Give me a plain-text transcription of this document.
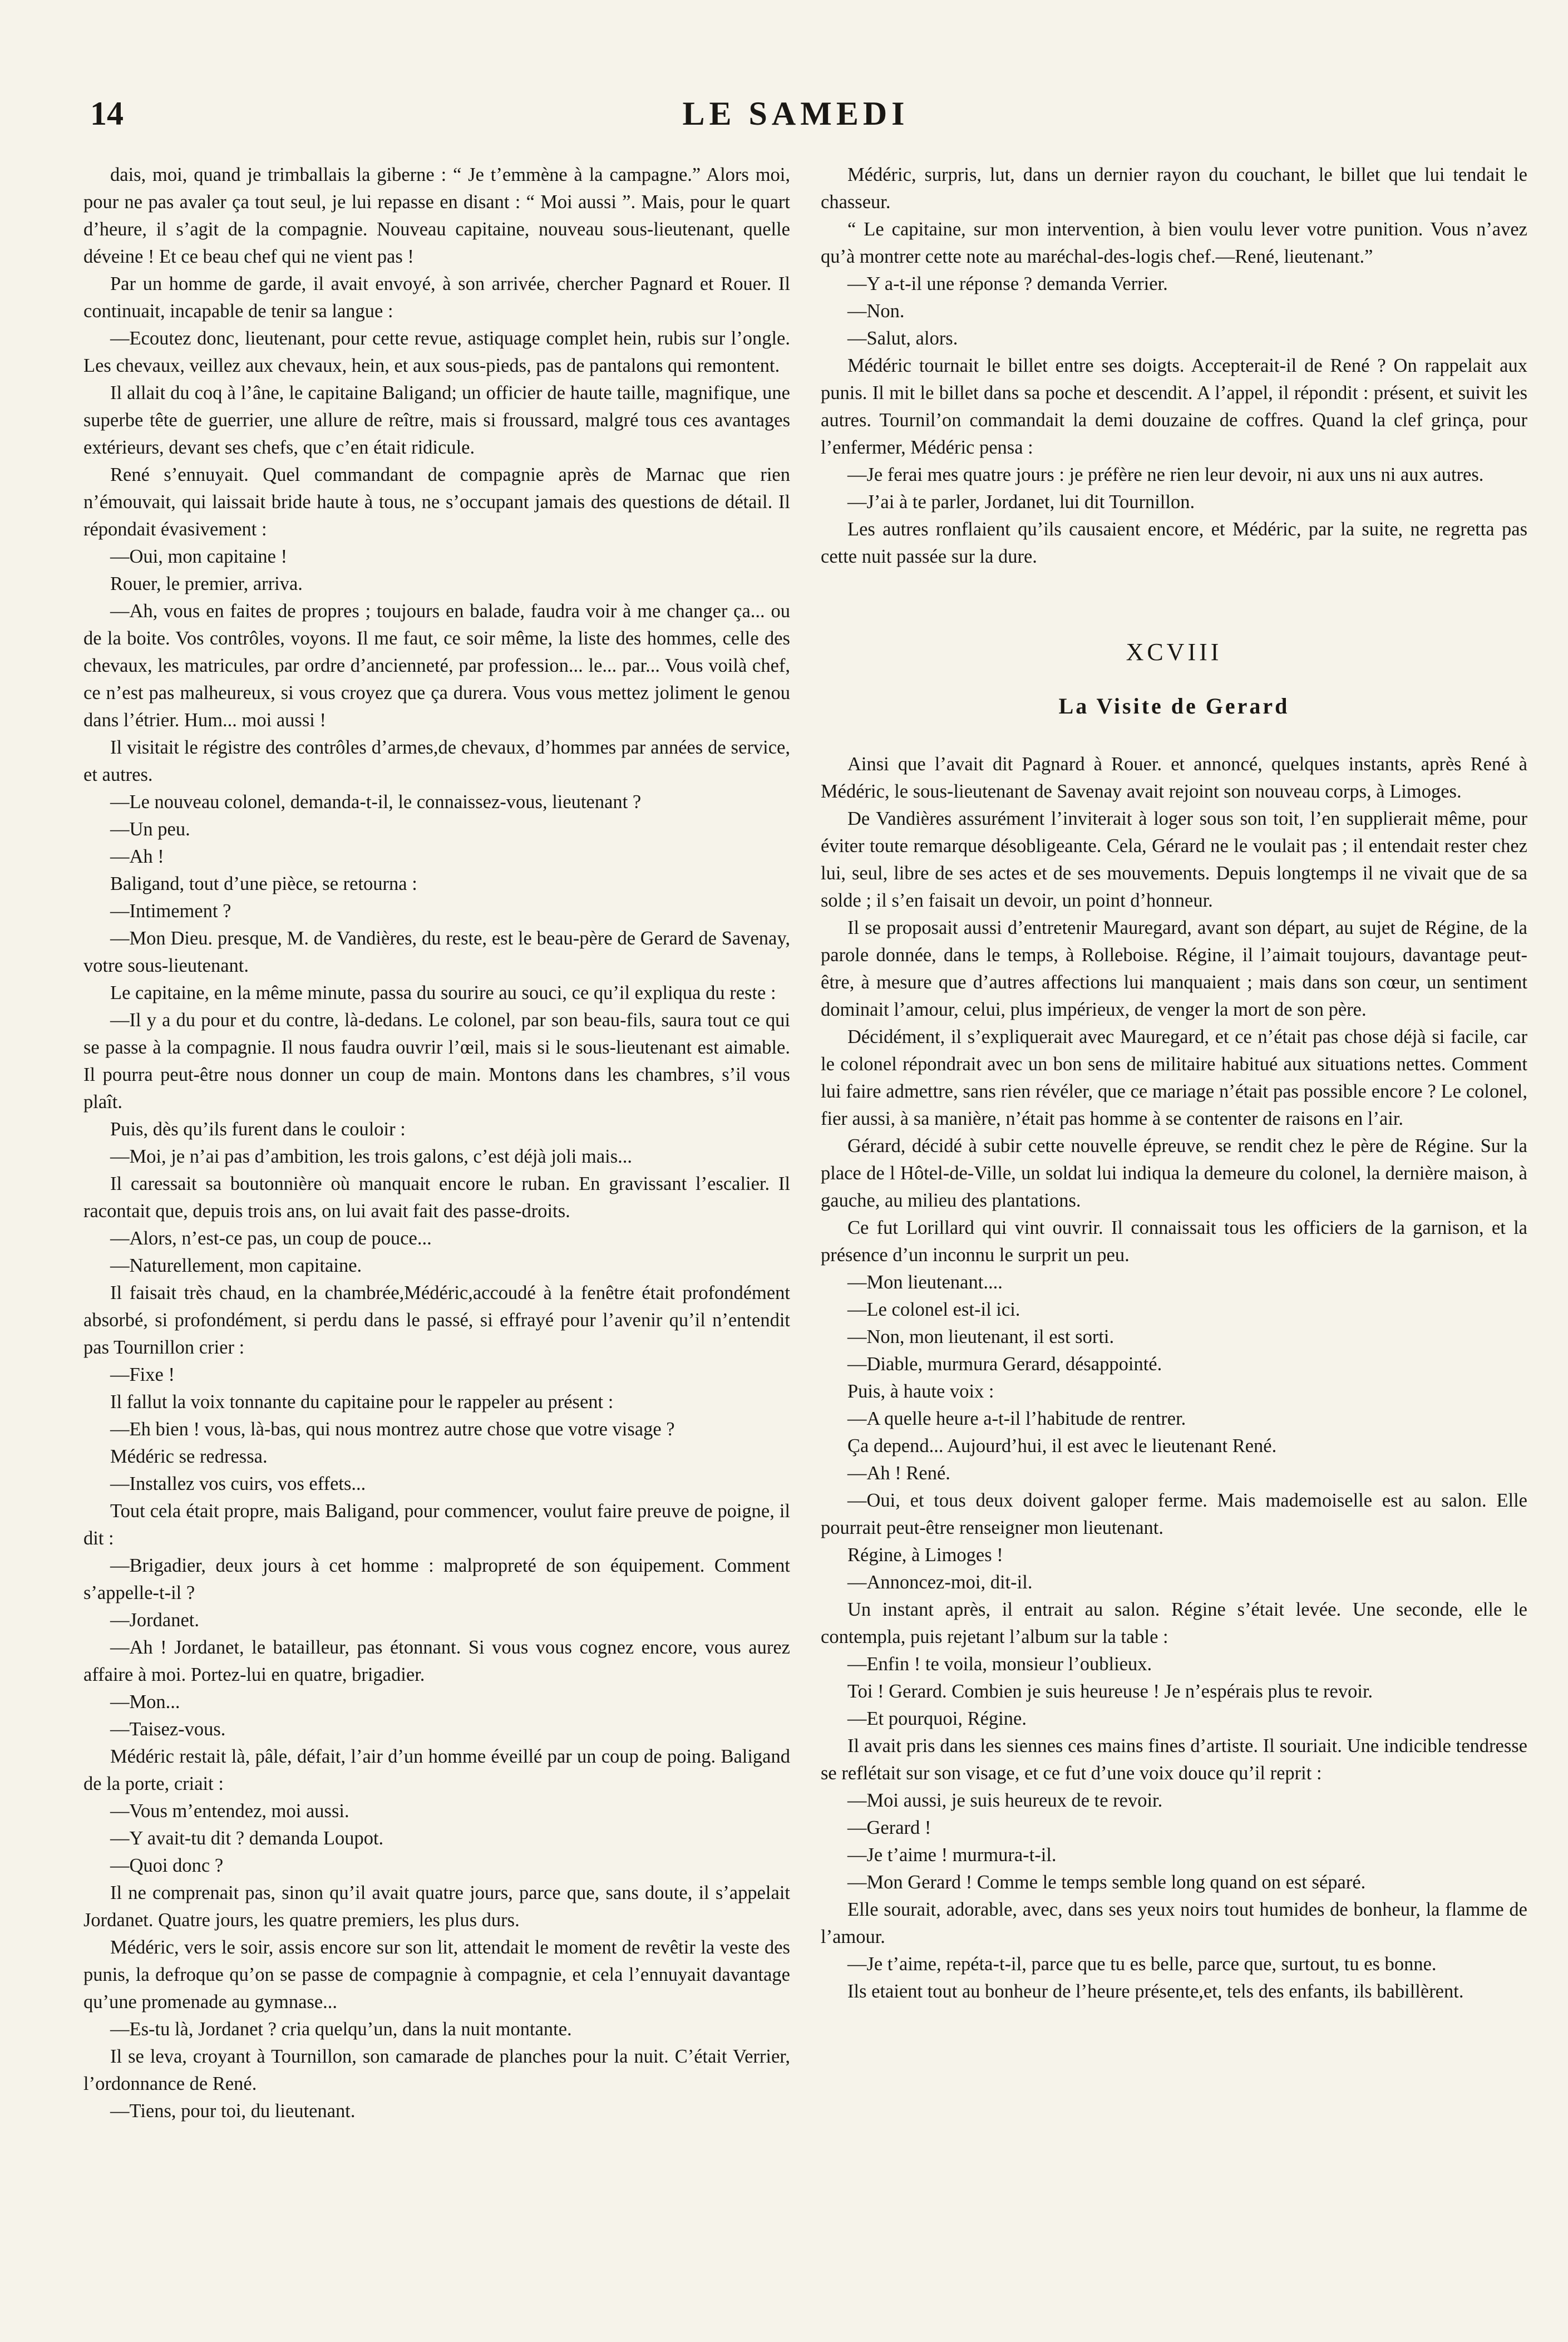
14	LE SAMEDI

dais, moi, quand je trimballais la giberne : “ Je t’emmène à la campagne.” Alors moi, pour ne pas avaler ça tout seul, je lui repasse en disant : “ Moi aussi ”. Mais, pour le quart d’heure, il s’agit de la compagnie. Nouveau capitaine, nouveau sous-lieutenant, quelle déveine ! Et ce beau chef qui ne vient pas !

Par un homme de garde, il avait envoyé, à son arrivée, chercher Pagnard et Rouer. Il continuait, incapable de tenir sa langue :

—Ecoutez donc, lieutenant, pour cette revue, astiquage complet hein, rubis sur l’ongle. Les chevaux, veillez aux chevaux, hein, et aux sous-pieds, pas de pantalons qui remontent.

Il allait du coq à l’âne, le capitaine Baligand; un officier de haute taille, magnifique, une superbe tête de guerrier, une allure de reître, mais si froussard, malgré tous ces avantages extérieurs, devant ses chefs, que c’en était ridicule.

René s’ennuyait. Quel commandant de compagnie après de Marnac que rien n’émouvait, qui laissait bride haute à tous, ne s’occupant jamais des questions de détail. Il répondait évasivement :

—Oui, mon capitaine !

Rouer, le premier, arriva.

—Ah, vous en faites de propres ; toujours en balade, faudra voir à me changer ça... ou de la boite. Vos contrôles, voyons. Il me faut, ce soir même, la liste des hommes, celle des chevaux, les matricules, par ordre d’ancienneté, par profession... le... par... Vous voilà chef, ce n’est pas malheureux, si vous croyez que ça durera. Vous vous mettez joliment le genou dans l’étrier. Hum... moi aussi !

Il visitait le régistre des contrôles d’armes,de chevaux, d’hommes par années de service, et autres.

—Le nouveau colonel, demanda-t-il, le connaissez-vous, lieutenant ?

—Un peu.

—Ah !

Baligand, tout d’une pièce, se retourna :

—Intimement ?

—Mon Dieu. presque, M. de Vandières, du reste, est le beau-père de Gerard de Savenay, votre sous-lieutenant.

Le capitaine, en la même minute, passa du sourire au souci, ce qu’il expliqua du reste :

—Il y a du pour et du contre, là-dedans. Le colonel, par son beau-fils, saura tout ce qui se passe à la compagnie. Il nous faudra ouvrir l’œil, mais si le sous-lieutenant est aimable. Il pourra peut-être nous donner un coup de main. Montons dans les chambres, s’il vous plaît.

Puis, dès qu’ils furent dans le couloir :

—Moi, je n’ai pas d’ambition, les trois galons, c’est déjà joli mais...

Il caressait sa boutonnière où manquait encore le ruban. En gravissant l’escalier. Il racontait que, depuis trois ans, on lui avait fait des passe-droits.

—Alors, n’est-ce pas, un coup de pouce...

—Naturellement, mon capitaine.

Il faisait très chaud, en la chambrée,Médéric,accoudé à la fenêtre était profondément absorbé, si profondément, si perdu dans le passé, si effrayé pour l’avenir qu’il n’entendit pas Tournillon crier :

—Fixe !

Il fallut la voix tonnante du capitaine pour le rappeler au présent :

—Eh bien ! vous, là-bas, qui nous montrez autre chose que votre visage ?

Médéric se redressa.

—Installez vos cuirs, vos effets...

Tout cela était propre, mais Baligand, pour commencer, voulut faire preuve de poigne, il dit :

—Brigadier, deux jours à cet homme : malpropreté de son équipement. Comment s’appelle-t-il ?

—Jordanet.

—Ah ! Jordanet, le batailleur, pas étonnant. Si vous vous cognez encore, vous aurez affaire à moi. Portez-lui en quatre, brigadier.

—Mon...

—Taisez-vous.

Médéric restait là, pâle, défait, l’air d’un homme éveillé par un coup de poing. Baligand de la porte, criait :

—Vous m’entendez, moi aussi.

—Y avait-tu dit ? demanda Loupot.

—Quoi donc ?

Il ne comprenait pas, sinon qu’il avait quatre jours, parce que, sans doute, il s’appelait Jordanet. Quatre jours, les quatre premiers, les plus durs.

Médéric, vers le soir, assis encore sur son lit, attendait le moment de revêtir la veste des punis, la defroque qu’on se passe de compagnie à compagnie, et cela l’ennuyait davantage qu’une promenade au gymnase...

—Es-tu là, Jordanet ? cria quelqu’un, dans la nuit montante.

Il se leva, croyant à Tournillon, son camarade de planches pour la nuit. C’était Verrier, l’ordonnance de René.

—Tiens, pour toi, du lieutenant.

Médéric, surpris, lut, dans un dernier rayon du couchant, le billet que lui tendait le chasseur.

“ Le capitaine, sur mon intervention, à bien voulu lever votre punition. Vous n’avez qu’à montrer cette note au maréchal-des-logis chef.—René, lieutenant.”

—Y a-t-il une réponse ? demanda Verrier.

—Non.

—Salut, alors.

Médéric tournait le billet entre ses doigts. Accepterait-il de René ? On rappelait aux punis. Il mit le billet dans sa poche et descendit. A l’appel, il répondit : présent, et suivit les autres. Tournil’on commandait la demi douzaine de coffres. Quand la clef grinça, pour l’enfermer, Médéric pensa :

—Je ferai mes quatre jours : je préfère ne rien leur devoir, ni aux uns ni aux autres.

—J’ai à te parler, Jordanet, lui dit Tournillon.

Les autres ronflaient qu’ils causaient encore, et Médéric, par la suite, ne regretta pas cette nuit passée sur la dure.

XCVIII
La Visite de Gerard

Ainsi que l’avait dit Pagnard à Rouer. et annoncé, quelques instants, après René à Médéric, le sous-lieutenant de Savenay avait rejoint son nouveau corps, à Limoges.

De Vandières assurément l’inviterait à loger sous son toit, l’en supplierait même, pour éviter toute remarque désobligeante. Cela, Gérard ne le voulait pas ; il entendait rester chez lui, seul, libre de ses actes et de ses mouvements. Depuis longtemps il ne vivait que de sa solde ; il s’en faisait un devoir, un point d’honneur.

Il se proposait aussi d’entretenir Mauregard, avant son départ, au sujet de Régine, de la parole donnée, dans le temps, à Rolleboise. Régine, il l’aimait toujours, davantage peut-être, à mesure que d’autres affections lui manquaient ; mais dans son cœur, un sentiment dominait l’amour, celui, plus impérieux, de venger la mort de son père.

Décidément, il s’expliquerait avec Mauregard, et ce n’était pas chose déjà si facile, car le colonel répondrait avec un bon sens de militaire habitué aux situations nettes. Comment lui faire admettre, sans rien révéler, que ce mariage n’était pas possible encore ? Le colonel, fier aussi, à sa manière, n’était pas homme à se contenter de raisons en l’air.

Gérard, décidé à subir cette nouvelle épreuve, se rendit chez le père de Régine. Sur la place de l Hôtel-de-Ville, un soldat lui indiqua la demeure du colonel, la dernière maison, à gauche, au milieu des plantations.

Ce fut Lorillard qui vint ouvrir. Il connaissait tous les officiers de la garnison, et la présence d’un inconnu le surprit un peu.

—Mon lieutenant....

—Le colonel est-il ici.

—Non, mon lieutenant, il est sorti.

—Diable, murmura Gerard, désappointé.

Puis, à haute voix :

—A quelle heure a-t-il l’habitude de rentrer.

Ça depend... Aujourd’hui, il est avec le lieutenant René.

—Ah ! René.

—Oui, et tous deux doivent galoper ferme. Mais mademoiselle est au salon. Elle pourrait peut-être renseigner mon lieutenant.

Régine, à Limoges !

—Annoncez-moi, dit-il.

Un instant après, il entrait au salon. Régine s’était levée. Une seconde, elle le contempla, puis rejetant l’album sur la table :

—Enfin ! te voila, monsieur l’oublieux.

Toi ! Gerard. Combien je suis heureuse ! Je n’espérais plus te revoir.

—Et pourquoi, Régine.

Il avait pris dans les siennes ces mains fines d’artiste. Il souriait. Une indicible tendresse se reflétait sur son visage, et ce fut d’une voix douce qu’il reprit :

—Moi aussi, je suis heureux de te revoir.

—Gerard !

—Je t’aime ! murmura-t-il.

—Mon Gerard ! Comme le temps semble long quand on est séparé.

Elle sourait, adorable, avec, dans ses yeux noirs tout humides de bonheur, la flamme de l’amour.

—Je t’aime, repéta-t-il, parce que tu es belle, parce que, surtout, tu es bonne.

Ils etaient tout au bonheur de l’heure présente,et, tels des enfants, ils babillèrent.
